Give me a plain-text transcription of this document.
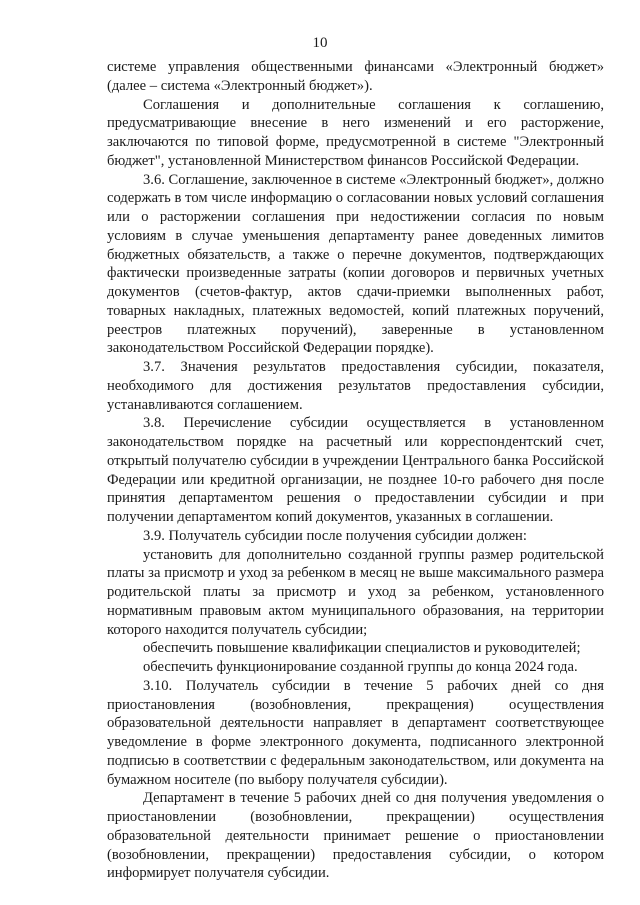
10

системе управления общественными финансами «Электронный бюджет» (далее – система «Электронный бюджет»).

Соглашения и дополнительные соглашения к соглашению, предусматривающие внесение в него изменений и его расторжение, заключаются по типовой форме, предусмотренной в системе "Электронный бюджет", установленной Министерством финансов Российской Федерации.

3.6. Соглашение, заключенное в системе «Электронный бюджет», должно содержать в том числе информацию о согласовании новых условий соглашения или о расторжении соглашения при недостижении согласия по новым условиям в случае уменьшения департаменту ранее доведенных лимитов бюджетных обязательств, а также о перечне документов, подтверждающих фактически произведенные затраты (копии договоров и первичных учетных документов (счетов-фактур, актов сдачи-приемки выполненных работ, товарных накладных, платежных ведомостей, копий платежных поручений, реестров платежных поручений), заверенные в установленном законодательством Российской Федерации порядке).

3.7. Значения результатов предоставления субсидии, показателя, необходимого для достижения результатов предоставления субсидии, устанавливаются соглашением.

3.8. Перечисление субсидии осуществляется в установленном законодательством порядке на расчетный или корреспондентский счет, открытый получателю субсидии в учреждении Центрального банка Российской Федерации или кредитной организации, не позднее 10-го рабочего дня после принятия департаментом решения о предоставлении субсидии и при получении департаментом копий документов, указанных в соглашении.

3.9. Получатель субсидии после получения субсидии должен:

установить для дополнительно созданной группы размер родительской платы за присмотр и уход за ребенком в месяц не выше максимального размера родительской платы за присмотр и уход за ребенком, установленного нормативным правовым актом муниципального образования, на территории которого находится получатель субсидии;

обеспечить повышение квалификации специалистов и руководителей;

обеспечить функционирование созданной группы до конца 2024 года.

3.10. Получатель субсидии в течение 5 рабочих дней со дня приостановления (возобновления, прекращения) осуществления образовательной деятельности направляет в департамент соответствующее уведомление в форме электронного документа, подписанного электронной подписью в соответствии с федеральным законодательством, или документа на бумажном носителе (по выбору получателя субсидии).

Департамент в течение 5 рабочих дней со дня получения уведомления о приостановлении (возобновлении, прекращении) осуществления образовательной деятельности принимает решение о приостановлении (возобновлении, прекращении) предоставления субсидии, о котором информирует получателя субсидии.
